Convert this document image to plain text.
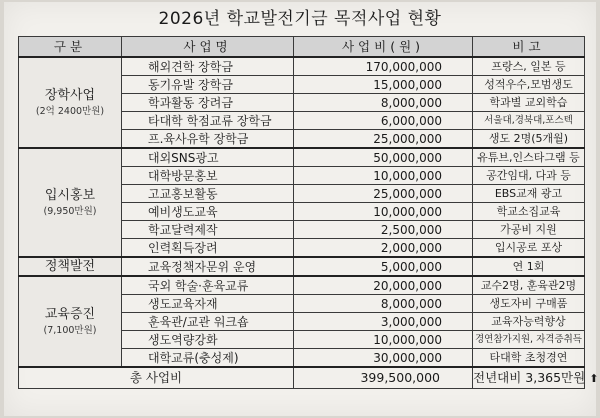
2026년 학교발전기금 목적사업 현황
구분	사업명	사업비(원)	비고

장학사업
(2억 2400만원)	해외견학 장학금	170,000,000	프랑스, 일본 등
	동기유발 장학금	15,000,000	성적우수,모범생도
	학과활동 장려금	8,000,000	학과별 교외학습
	타대학 학점교류 장학금	6,000,000	서울대,경북대,포스텍
	프.육사유학 장학금	25,000,000	생도 2명(5개월)

입시홍보
(9,950만원)	대외SNS광고	50,000,000	유튜브,인스타그램 등
	대학방문홍보	10,000,000	공간임대, 다과 등
	고교홍보활동	25,000,000	EBS교재 광고
	예비생도교육	10,000,000	학교소집교육
	학교달력제작	2,500,000	가공비 지원
	인력획득장려	2,000,000	입시공로 포상
정책발전	교육정책자문위 운영	5,000,000	연 1회

교육증진
(7,100만원)	국외 학술·훈육교류	20,000,000	교수2명, 훈육관2명
	생도교육자재	8,000,000	생도자비 구매품
	훈육관/교관 워크숍	3,000,000	교육자능력향상
	생도역량강화	10,000,000	경연참가지원, 자격증취득
	대학교류(충성제)	30,000,000	타대학 초청경연
총 사업비		399,500,000	전년대비 3,365만원 ⬆
